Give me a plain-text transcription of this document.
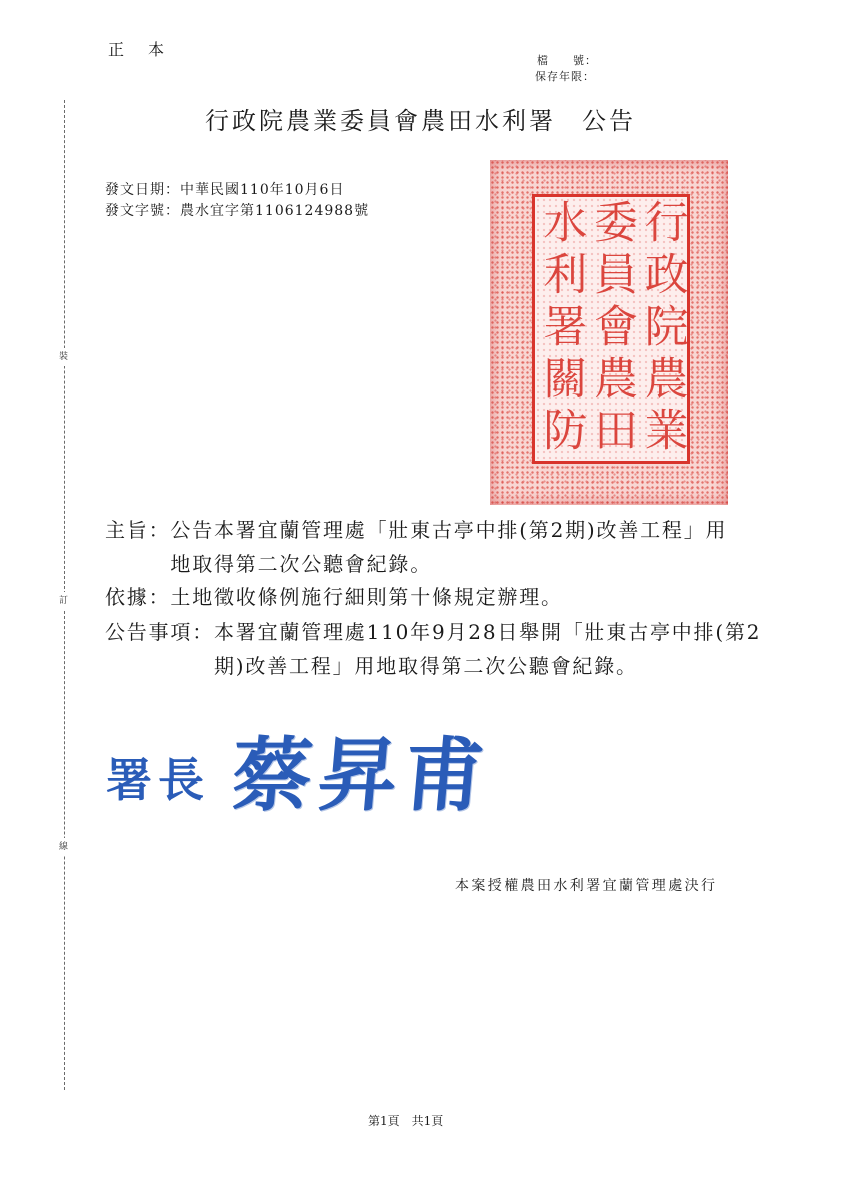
正　本
檔　　號：
保存年限：
行政院農業委員會農田水利署 公告
發文日期：中華民國110年10月6日
發文字號：農水宜字第1106124988號
裝
訂
線
行政院農業
委員會農田
水利署關防
主旨： 公告本署宜蘭管理處「壯東古亭中排(第2期)改善工程」用
地取得第二次公聽會紀錄。
依據： 土地徵收條例施行細則第十條規定辦理。
公告事項： 本署宜蘭管理處110年9月28日舉開「壯東古亭中排(第2
期)改善工程」用地取得第二次公聽會紀錄。
署長 蔡昇甫
本案授權農田水利署宜蘭管理處決行
第1頁　共1頁
